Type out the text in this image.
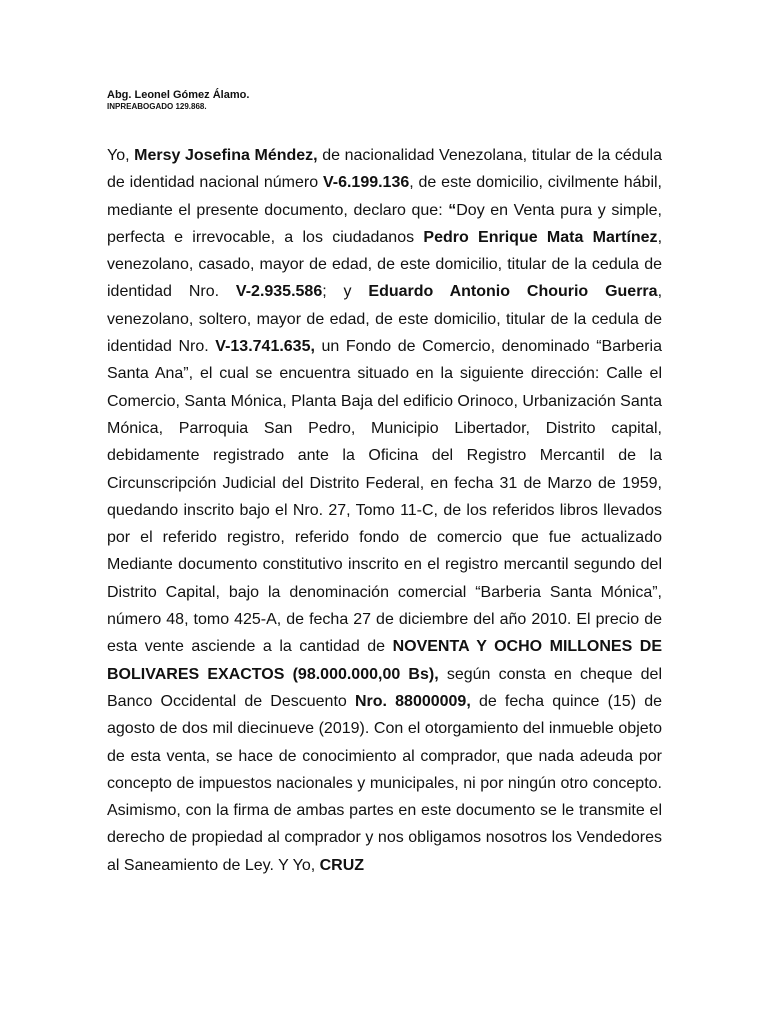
Abg. Leonel Gómez Álamo.

INPREABOGADO 129.868.

Yo, Mersy Josefina Méndez, de nacionalidad Venezolana, titular de la cédula de identidad nacional número V-6.199.136, de este domicilio, civilmente hábil, mediante el presente documento, declaro que: “Doy en Venta pura y simple, perfecta e irrevocable, a los ciudadanos Pedro Enrique Mata Martínez, venezolano, casado, mayor de edad, de este domicilio, titular de la cedula de identidad Nro. V-2.935.586; y Eduardo Antonio Chourio Guerra, venezolano, soltero, mayor de edad, de este domicilio, titular de la cedula de identidad Nro. V-13.741.635, un Fondo de Comercio, denominado “Barberia Santa Ana”, el cual se encuentra situado en la siguiente dirección: Calle el Comercio, Santa Mónica, Planta Baja del edificio Orinoco, Urbanización Santa Mónica, Parroquia San Pedro, Municipio Libertador, Distrito capital, debidamente registrado ante la Oficina del Registro Mercantil de la Circunscripción Judicial del Distrito Federal, en fecha 31 de Marzo de 1959, quedando inscrito bajo el Nro. 27, Tomo 11-C, de los referidos libros llevados por el referido registro, referido fondo de comercio que fue actualizado Mediante documento constitutivo inscrito en el registro mercantil segundo del Distrito Capital, bajo la denominación comercial “Barberia Santa Mónica”, número 48, tomo 425-A, de fecha 27 de diciembre del año 2010. El precio de esta vente asciende a la cantidad de NOVENTA Y OCHO MILLONES DE BOLIVARES EXACTOS (98.000.000,00 Bs), según consta en cheque del Banco Occidental de Descuento Nro. 88000009, de fecha quince (15) de agosto de dos mil diecinueve (2019). Con el otorgamiento del inmueble objeto de esta venta, se hace de conocimiento al comprador, que nada adeuda por concepto de impuestos nacionales y municipales, ni por ningún otro concepto. Asimismo, con la firma de ambas partes en este documento se le transmite el derecho de propiedad al comprador y nos obligamos nosotros los Vendedores al Saneamiento de Ley. Y Yo, CRUZ
